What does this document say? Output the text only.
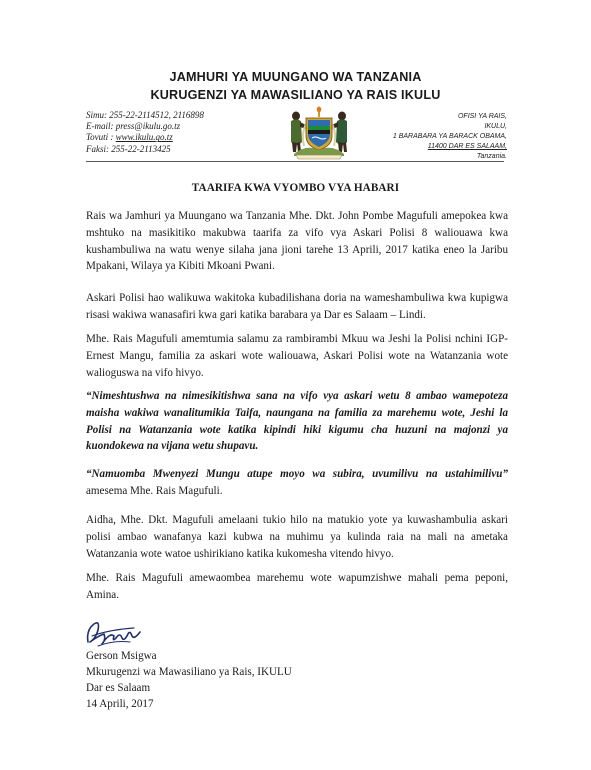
JAMHURI YA MUUNGANO WA TANZANIA
KURUGENZI YA MAWASILIANO YA RAIS IKULU
Simu: 255-22-2114512, 2116898
E-mail: press@ikulu.go.tz
Tovuti : www.ikulu.go.tz
Faksi: 255-22-2113425
OFISI YA RAIS,
IKULU,
1 BARABARA YA BARACK OBAMA,
11400 DAR ES SALAAM,
Tanzania.
TAARIFA KWA VYOMBO VYA HABARI
Rais wa Jamhuri ya Muungano wa Tanzania Mhe. Dkt. John Pombe Magufuli amepokea kwa mshtuko na masikitiko makubwa taarifa za vifo vya Askari Polisi 8 waliouawa kwa kushambuliwa na watu wenye silaha jana jioni tarehe 13 Aprili, 2017 katika eneo la Jaribu Mpakani, Wilaya ya Kibiti Mkoani Pwani.
Askari Polisi hao walikuwa wakitoka kubadilishana doria na wameshambuliwa kwa kupigwa risasi wakiwa wanasafiri kwa gari katika barabara ya Dar es Salaam – Lindi.
Mhe. Rais Magufuli amemtumia salamu za rambirambi Mkuu wa Jeshi la Polisi nchini IGP-Ernest Mangu, familia za askari wote waliouawa, Askari Polisi wote na Watanzania wote walioguswa na vifo hivyo.
“Nimeshtushwa na nimesikitishwa sana na vifo vya askari wetu 8 ambao wamepoteza maisha wakiwa wanalitumikia Taifa, naungana na familia za marehemu wote, Jeshi la Polisi na Watanzania wote katika kipindi hiki kigumu cha huzuni na majonzi ya kuondokewa na vijana wetu shupavu.
“Namuomba Mwenyezi Mungu atupe moyo wa subira, uvumilivu na ustahimilivu” amesema Mhe. Rais Magufuli.
Aidha, Mhe. Dkt. Magufuli amelaani tukio hilo na matukio yote ya kuwashambulia askari polisi ambao wanafanya kazi kubwa na muhimu ya kulinda raia na mali na ametaka Watanzania wote watoe ushirikiano katika kukomesha vitendo hivyo.
Mhe. Rais Magufuli amewaombea marehemu wote wapumzishwe mahali pema peponi, Amina.
Gerson Msigwa
Mkurugenzi wa Mawasiliano ya Rais, IKULU
Dar es Salaam
14 Aprili, 2017
